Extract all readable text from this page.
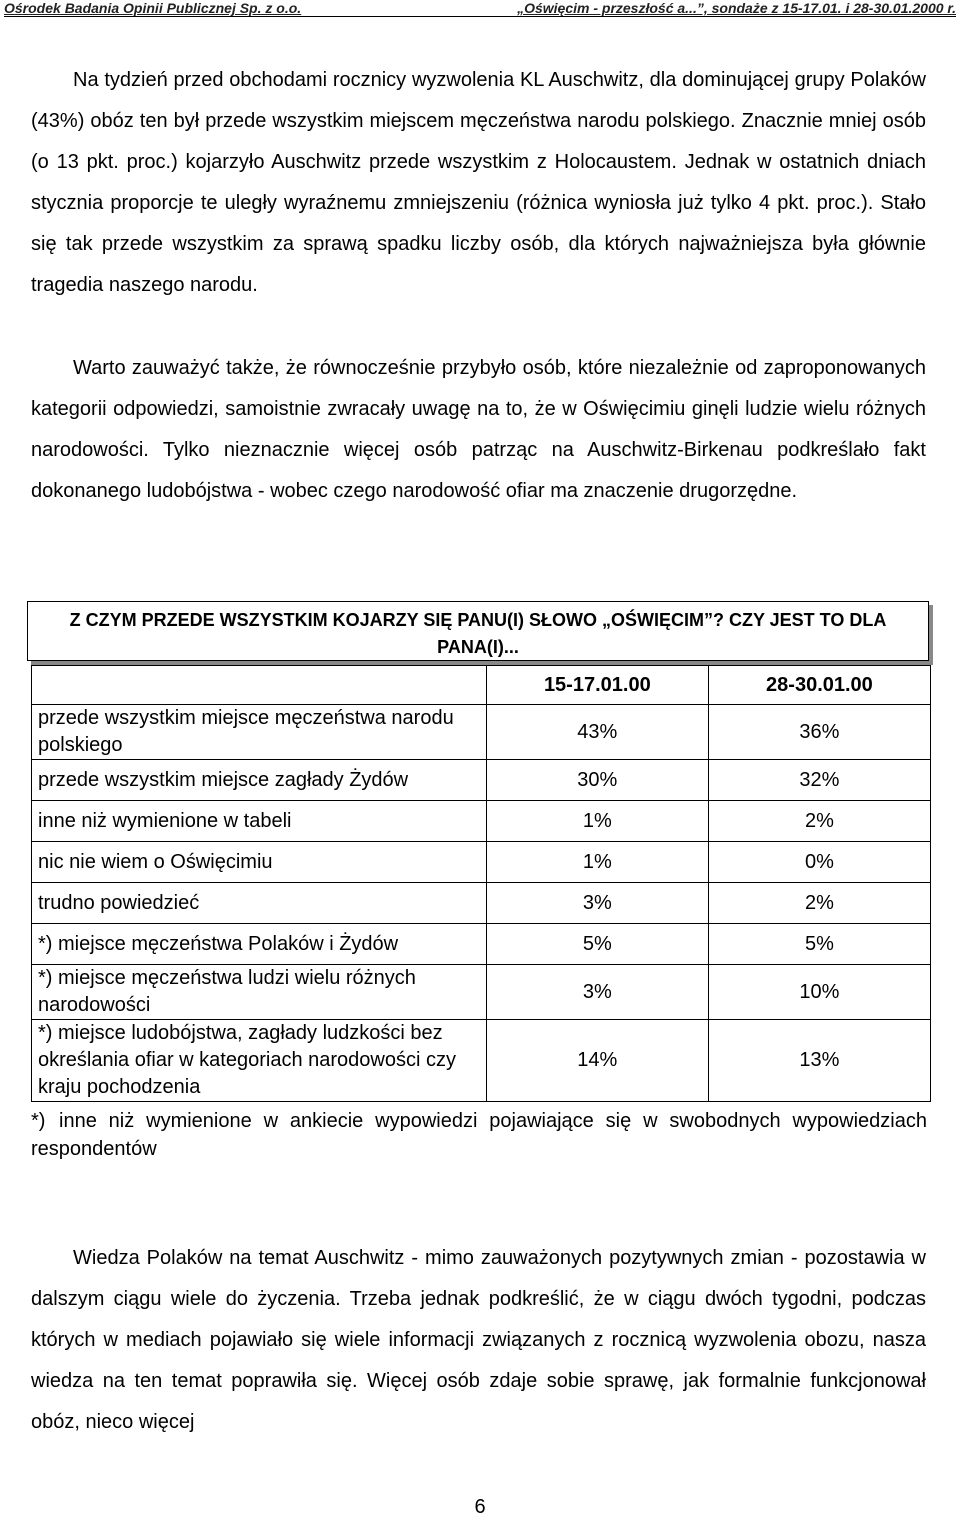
Ośrodek Badania Opinii Publicznej Sp. z o.o.	„Oświęcim - przeszłość a...”, sondaże z 15-17.01. i 28-30.01.2000 r.

Na tydzień przed obchodami rocznicy wyzwolenia KL Auschwitz, dla dominującej grupy Polaków (43%) obóz ten był przede wszystkim miejscem męczeństwa narodu polskiego. Znacznie mniej osób (o 13 pkt. proc.) kojarzyło Auschwitz przede wszystkim z Holocaustem. Jednak w ostatnich dniach stycznia proporcje te uległy wyraźnemu zmniejszeniu (różnica wyniosła już tylko 4 pkt. proc.). Stało się tak przede wszystkim za sprawą spadku liczby osób, dla których najważniejsza była głównie tragedia naszego narodu.

Warto zauważyć także, że równocześnie przybyło osób, które niezależnie od zaproponowanych kategorii odpowiedzi, samoistnie zwracały uwagę na to, że w Oświęcimiu ginęli ludzie wielu różnych narodowości. Tylko nieznacznie więcej osób patrząc na Auschwitz-Birkenau podkreślało fakt dokonanego ludobójstwa - wobec czego narodowość ofiar ma znaczenie drugorzędne.

Z CZYM PRZEDE WSZYSTKIM KOJARZY SIĘ PANU(I) SŁOWO „OŚWIĘCIM”? CZY JEST TO DLA PANA(I)...
	15-17.01.00	28-30.01.00
przede wszystkim miejsce męczeństwa narodu polskiego	43%	36%
przede wszystkim miejsce zagłady Żydów	30%	32%
inne niż wymienione w tabeli	1%	2%
nic nie wiem o Oświęcimiu	1%	0%
trudno powiedzieć	3%	2%
*) miejsce męczeństwa Polaków i Żydów	5%	5%
*) miejsce męczeństwa ludzi wielu różnych narodowości	3%	10%
*) miejsce ludobójstwa, zagłady ludzkości bez określania ofiar w kategoriach narodowości czy kraju pochodzenia	14%	13%
*) inne niż wymienione w ankiecie wypowiedzi pojawiające się w swobodnych wypowiedziach respondentów

Wiedza Polaków na temat Auschwitz - mimo zauważonych pozytywnych zmian - pozostawia w dalszym ciągu wiele do życzenia. Trzeba jednak podkreślić, że w ciągu dwóch tygodni, podczas których w mediach pojawiało się wiele informacji związanych z rocznicą wyzwolenia obozu, nasza wiedza na ten temat poprawiła się. Więcej osób zdaje sobie sprawę, jak formalnie funkcjonował obóz, nieco więcej

6
